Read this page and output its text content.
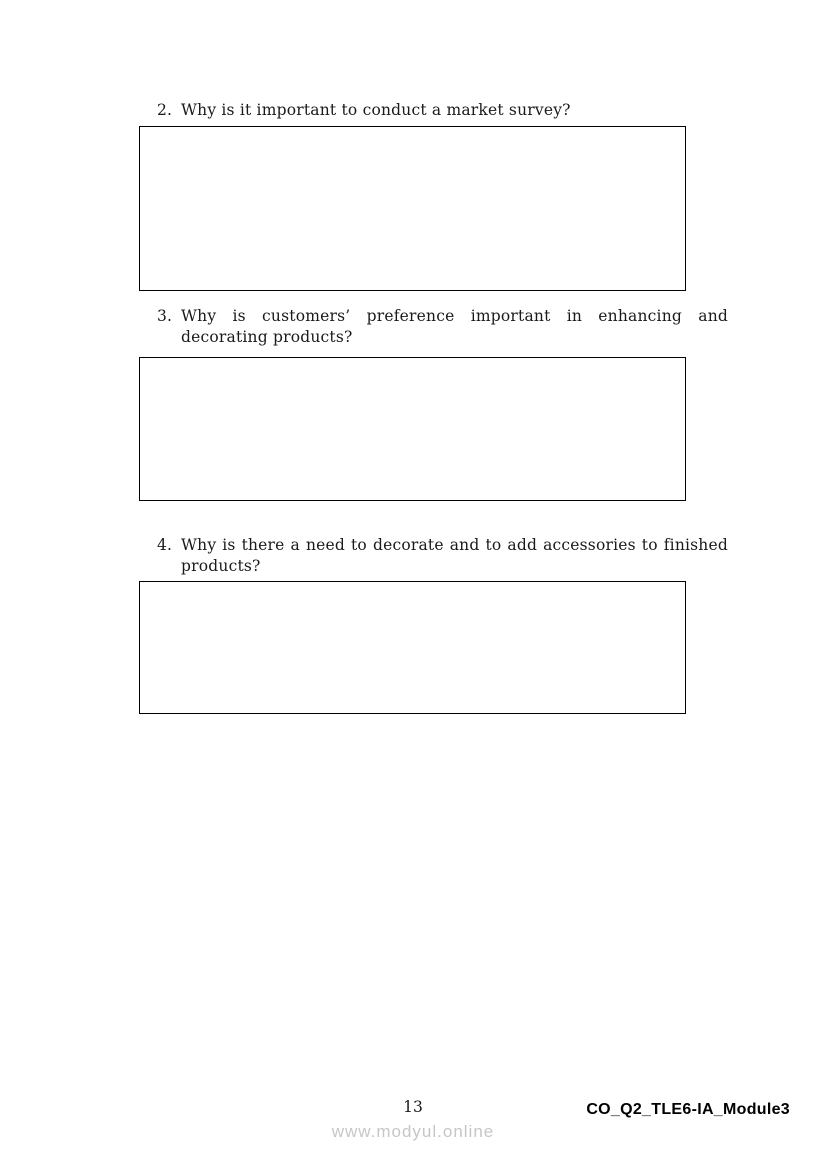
2. Why is it important to conduct a market survey?
3. Why is customers’ preference important in enhancing and decorating products?
4. Why is there a need to decorate and to add accessories to finished products?
13
www.modyul.online
CO_Q2_TLE6-IA_Module3
